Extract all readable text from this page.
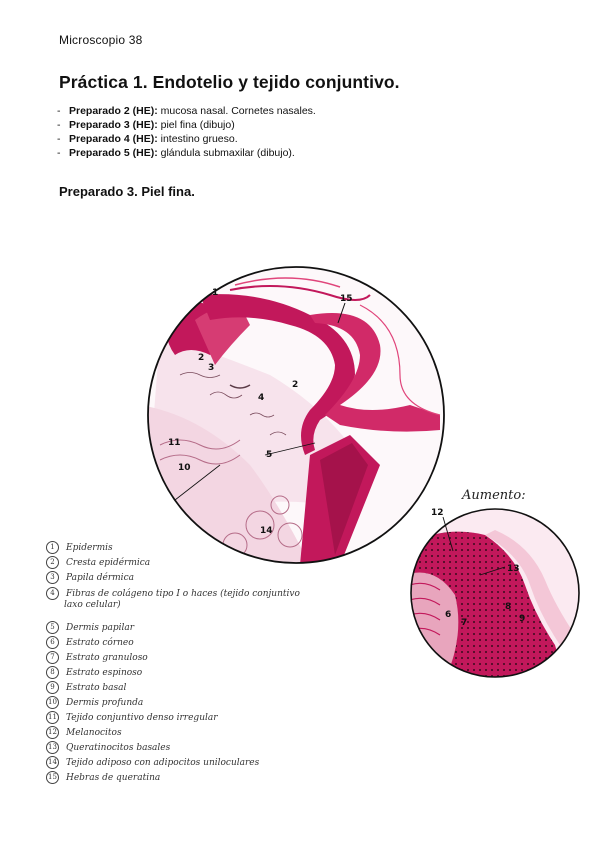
Microscopio 38
Práctica 1. Endotelio y tejido conjuntivo.
- Preparado 2 (HE): mucosa nasal. Cornetes nasales.
- Preparado 3 (HE): piel fina (dibujo)
- Preparado 4 (HE): intestino grueso.
- Preparado 5 (HE): glándula submaxilar (dibujo).
Preparado 3. Piel fina.
1
2
3
4
2
5
11
10
14
15
Aumento:
12
13
6
7
8
9
1 Epidermis
2 Cresta epidérmica
3 Papila dérmica
4 Fibras de colágeno tipo I o haces (tejido conjuntivo
laxo celular)
5 Dermis papilar
6 Estrato córneo
7 Estrato granuloso
8 Estrato espinoso
9 Estrato basal
10 Dermis profunda
11 Tejido conjuntivo denso irregular
12 Melanocitos
13 Queratinocitos basales
14 Tejido adiposo con adipocitos uniloculares
15 Hebras de queratina
